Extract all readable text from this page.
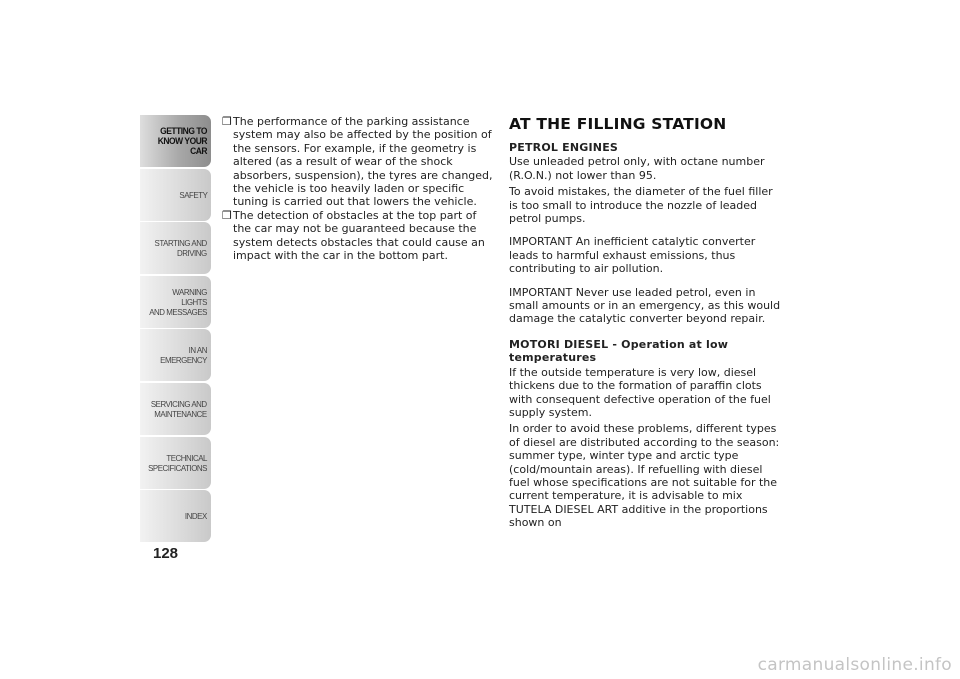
GETTING TO
KNOW YOUR CAR
SAFETY
STARTING AND
DRIVING
WARNING LIGHTS
AND MESSAGES
IN AN EMERGENCY
SERVICING AND
MAINTENANCE
TECHNICAL
SPECIFICATIONS
INDEX
128
❒ The performance of the parking assistance system may also be affected by the position of the sensors. For example, if the geometry is altered (as a result of wear of the shock absorbers, suspension), the tyres are changed, the vehicle is too heavily laden or specific tuning is carried out that lowers the vehicle.
❒ The detection of obstacles at the top part of the car may not be guaranteed because the system detects obstacles that could cause an impact with the car in the bottom part.
AT THE FILLING STATION
PETROL ENGINES
Use unleaded petrol only, with octane number (R.O.N.) not lower than 95.
To avoid mistakes, the diameter of the fuel filler is too small to introduce the nozzle of leaded petrol pumps.
IMPORTANT An inefficient catalytic converter leads to harmful exhaust emissions, thus contributing to air pollution.
IMPORTANT Never use leaded petrol, even in small amounts or in an emergency, as this would damage the catalytic converter beyond repair.
MOTORI DIESEL - Operation at low temperatures
If the outside temperature is very low, diesel thickens due to the formation of paraffin clots with consequent defective operation of the fuel supply system.
In order to avoid these problems, different types of diesel are distributed according to the season: summer type, winter type and arctic type (cold/mountain areas). If refuelling with diesel fuel whose specifications are not suitable for the current temperature, it is advisable to mix TUTELA DIESEL ART additive in the proportions shown on
carmanualsonline.info
